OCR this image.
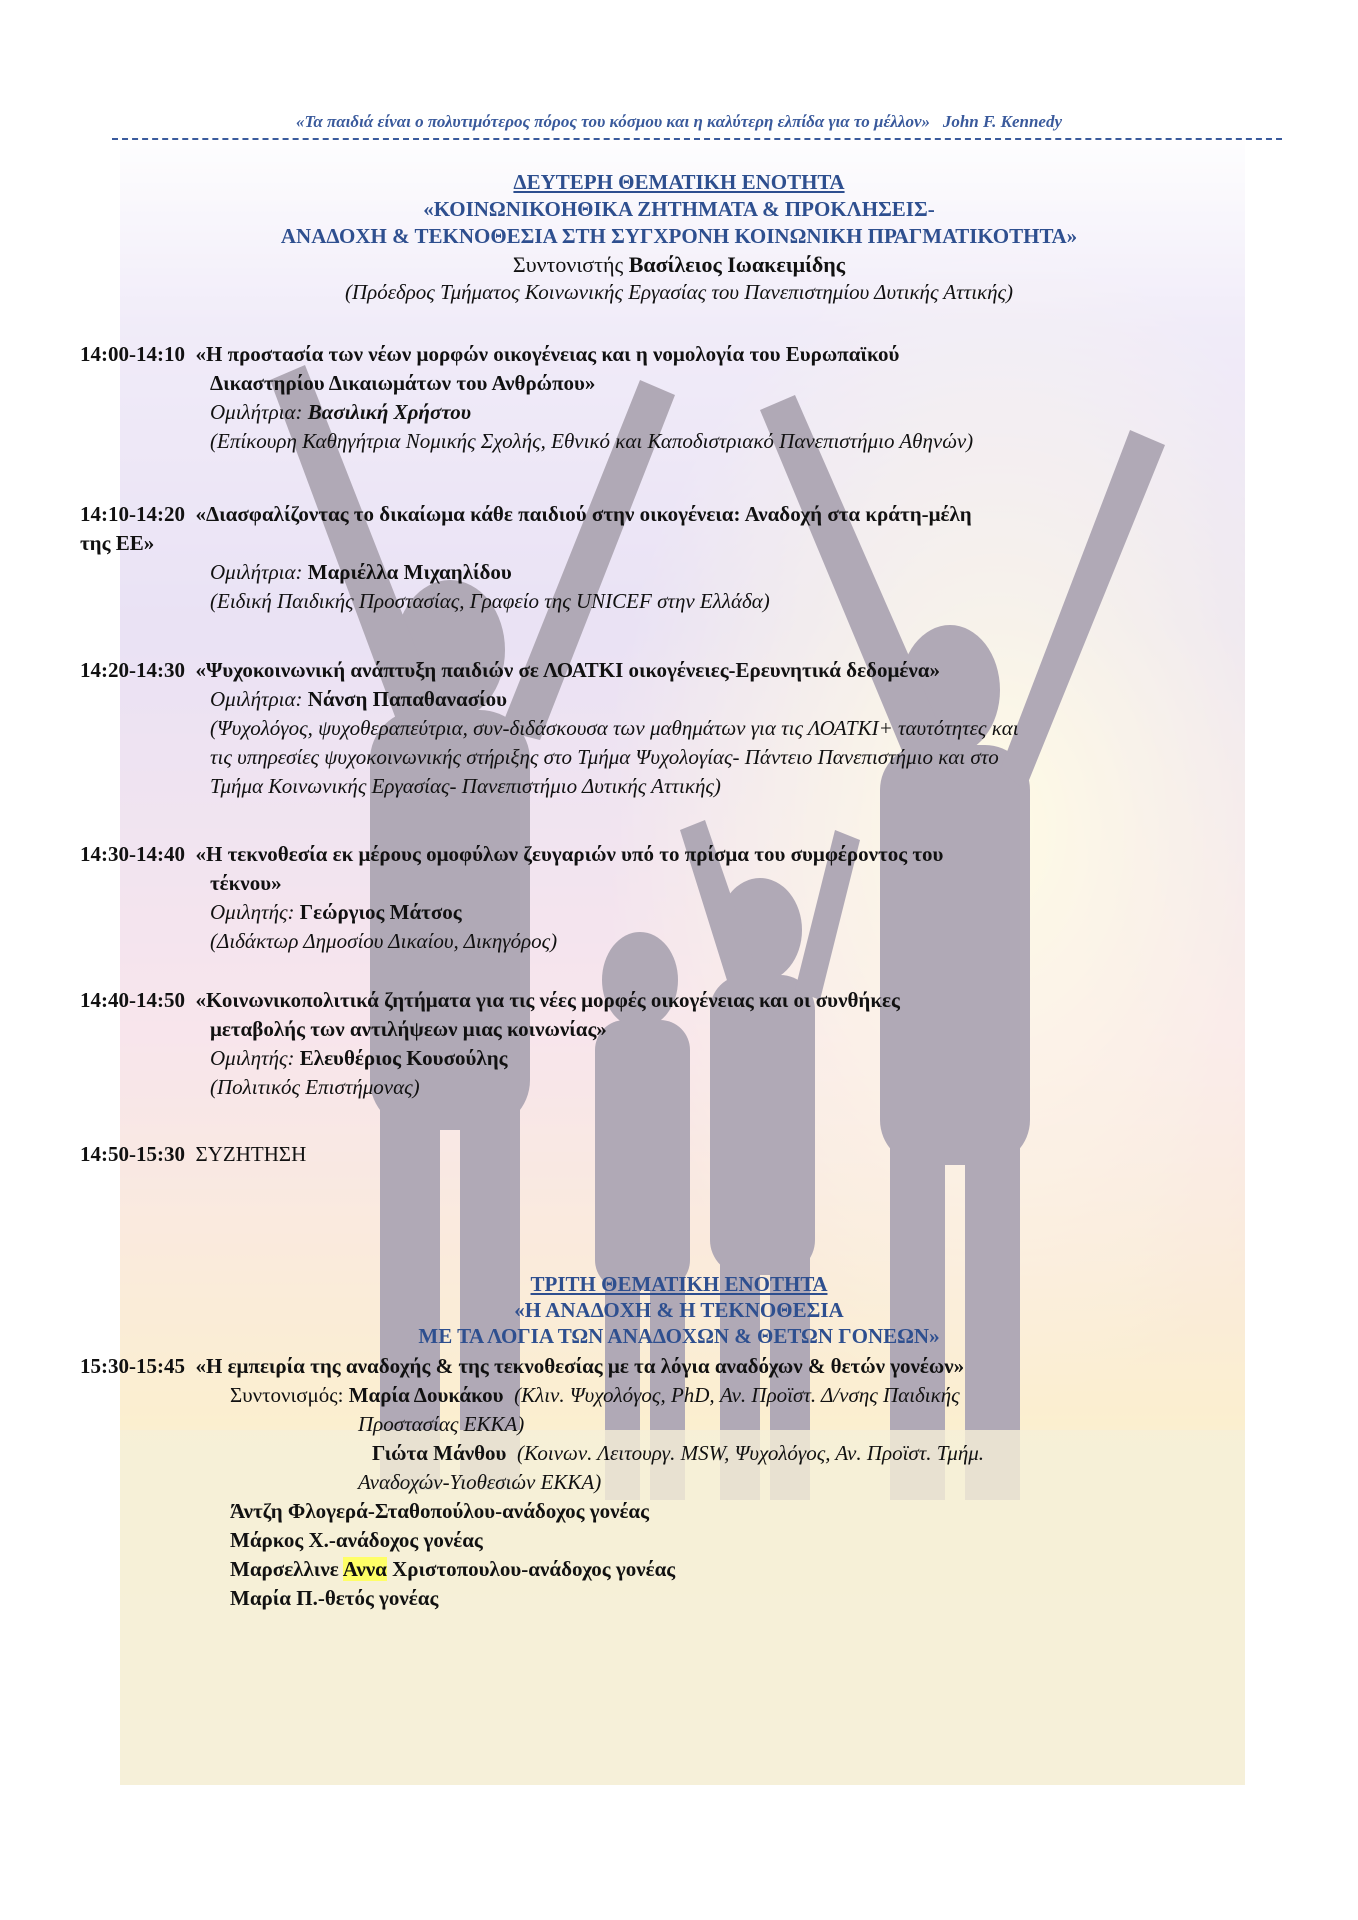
«Τα παιδιά είναι ο πολυτιμότερος πόρος του κόσμου και η καλύτερη ελπίδα για το μέλλον» John F. Kennedy
ΔΕΥΤΕΡΗ ΘΕΜΑΤΙΚΗ ΕΝΟΤΗΤΑ
«ΚΟΙΝΩΝΙΚΟΗΘΙΚΑ ΖΗΤΗΜΑΤΑ & ΠΡΟΚΛΗΣΕΙΣ-
ΑΝΑΔΟΧΗ & ΤΕΚΝΟΘΕΣΙΑ ΣΤΗ ΣΥΓΧΡΟΝΗ ΚΟΙΝΩΝΙΚΗ ΠΡΑΓΜΑΤΙΚΟΤΗΤΑ»
Συντονιστής Βασίλειος Ιωακειμίδης
(Πρόεδρος Τμήματος Κοινωνικής Εργασίας του Πανεπιστημίου Δυτικής Αττικής)
14:00-14:10 «Η προστασία των νέων μορφών οικογένειας και η νομολογία του Ευρωπαϊκού
Δικαστηρίου Δικαιωμάτων του Ανθρώπου»
Ομιλήτρια: Βασιλική Χρήστου
(Επίκουρη Καθηγήτρια Νομικής Σχολής, Εθνικό και Καποδιστριακό Πανεπιστήμιο Αθηνών)
14:10-14:20 «Διασφαλίζοντας το δικαίωμα κάθε παιδιού στην οικογένεια: Αναδοχή στα κράτη-μέλη
της ΕΕ»
Ομιλήτρια: Μαριέλλα Μιχαηλίδου
(Ειδική Παιδικής Προστασίας, Γραφείο της UNICEF στην Ελλάδα)
14:20-14:30 «Ψυχοκοινωνική ανάπτυξη παιδιών σε ΛΟΑΤΚΙ οικογένειες-Ερευνητικά δεδομένα»
Ομιλήτρια: Νάνση Παπαθανασίου
(Ψυχολόγος, ψυχοθεραπεύτρια, συν-διδάσκουσα των μαθημάτων για τις ΛΟΑΤΚΙ+ ταυτότητες και
τις υπηρεσίες ψυχοκοινωνικής στήριξης στο Τμήμα Ψυχολογίας- Πάντειο Πανεπιστήμιο και στο
Τμήμα Κοινωνικής Εργασίας- Πανεπιστήμιο Δυτικής Αττικής)
14:30-14:40 «Η τεκνοθεσία εκ μέρους ομοφύλων ζευγαριών υπό το πρίσμα του συμφέροντος του
τέκνου»
Ομιλητής: Γεώργιος Μάτσος
(Διδάκτωρ Δημοσίου Δικαίου, Δικηγόρος)
14:40-14:50 «Κοινωνικοπολιτικά ζητήματα για τις νέες μορφές οικογένειας και οι συνθήκες
μεταβολής των αντιλήψεων μιας κοινωνίας»
Ομιλητής: Ελευθέριος Κουσούλης
(Πολιτικός Επιστήμονας)
14:50-15:30 ΣΥΖΗΤΗΣΗ
ΤΡΙΤΗ ΘΕΜΑΤΙΚΗ ΕΝΟΤΗΤΑ
«Η ΑΝΑΔΟΧΗ & Η ΤΕΚΝΟΘΕΣΙΑ
ΜΕ ΤΑ ΛΟΓΙΑ ΤΩΝ ΑΝΑΔΟΧΩΝ & ΘΕΤΩΝ ΓΟΝΕΩΝ»
15:30-15:45 «Η εμπειρία της αναδοχής & της τεκνοθεσίας με τα λόγια αναδόχων & θετών γονέων»
Συντονισμός: Μαρία Δουκάκου (Κλιν. Ψυχολόγος, PhD, Αν. Προϊστ. Δ/νσης Παιδικής
Προστασίας ΕΚΚΑ)
Γιώτα Μάνθου (Κοινων. Λειτουργ. MSW, Ψυχολόγος, Αν. Προϊστ. Τμήμ.
Αναδοχών-Υιοθεσιών ΕΚΚΑ)
Άντζη Φλογερά-Σταθοπούλου-ανάδοχος γονέας
Μάρκος Χ.-ανάδοχος γονέας
Μαρσελλινε Αννα Χριστοπουλου-ανάδοχος γονέας
Μαρία Π.-θετός γονέας
